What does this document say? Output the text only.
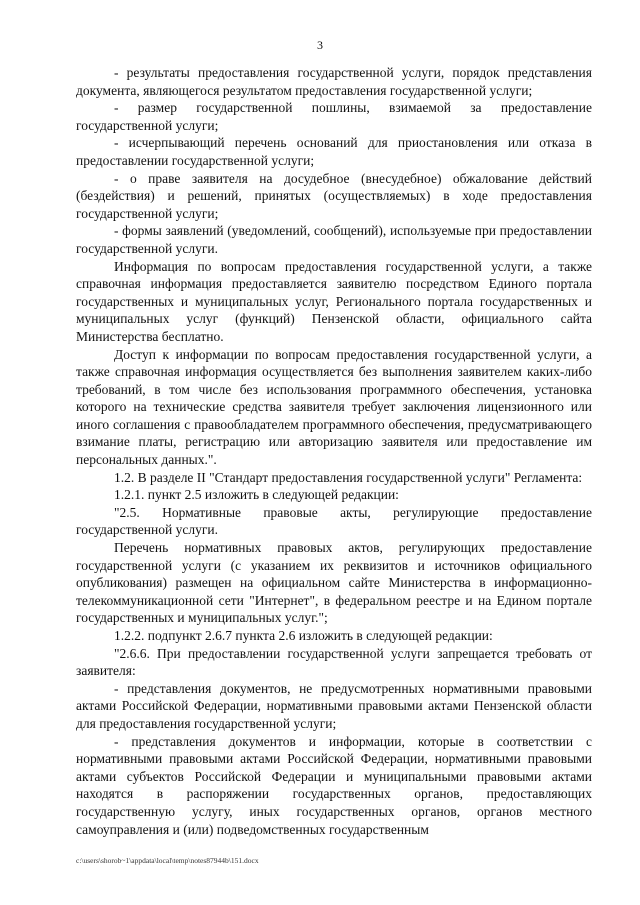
3

- результаты предоставления государственной услуги, порядок представления документа, являющегося результатом предоставления государственной услуги;

- размер государственной пошлины, взимаемой за предоставление государственной услуги;

- исчерпывающий перечень оснований для приостановления или отказа в предоставлении государственной услуги;

- о праве заявителя на досудебное (внесудебное) обжалование действий (бездействия) и решений, принятых (осуществляемых) в ходе предоставления государственной услуги;

- формы заявлений (уведомлений, сообщений), используемые при предоставлении государственной услуги.

Информация по вопросам предоставления государственной услуги, а также справочная информация предоставляется заявителю посредством Единого портала государственных и муниципальных услуг, Регионального портала государственных и муниципальных услуг (функций) Пензенской области, официального сайта Министерства бесплатно.

Доступ к информации по вопросам предоставления государственной услуги, а также справочная информация осуществляется без выполнения заявителем каких-либо требований, в том числе без использования программного обеспечения, установка которого на технические средства заявителя требует заключения лицензионного или иного соглашения с правообладателем программного обеспечения, предусматривающего взимание платы, регистрацию или авторизацию заявителя или предоставление им персональных данных.".

1.2. В разделе II "Стандарт предоставления государственной услуги" Регламента:

1.2.1. пункт 2.5 изложить в следующей редакции:

"2.5. Нормативные правовые акты, регулирующие предоставление государственной услуги.

Перечень нормативных правовых актов, регулирующих предоставление государственной услуги (с указанием их реквизитов и источников официального опубликования) размещен на официальном сайте Министерства в информационно-телекоммуникационной сети "Интернет", в федеральном реестре и на Едином портале государственных и муниципальных услуг.";

1.2.2. подпункт 2.6.7 пункта 2.6 изложить в следующей редакции:

"2.6.6. При предоставлении государственной услуги запрещается требовать от заявителя:

- представления документов, не предусмотренных нормативными правовыми актами Российской Федерации, нормативными правовыми актами Пензенской области для предоставления государственной услуги;

- представления документов и информации, которые в соответствии с нормативными правовыми актами Российской Федерации, нормативными правовыми актами субъектов Российской Федерации и муниципальными правовыми актами находятся в распоряжении государственных органов, предоставляющих государственную услугу, иных государственных органов, органов местного самоуправления и (или) подведомственных государственным

c:\users\shorob~1\appdata\local\temp\notes87944b\151.docx
